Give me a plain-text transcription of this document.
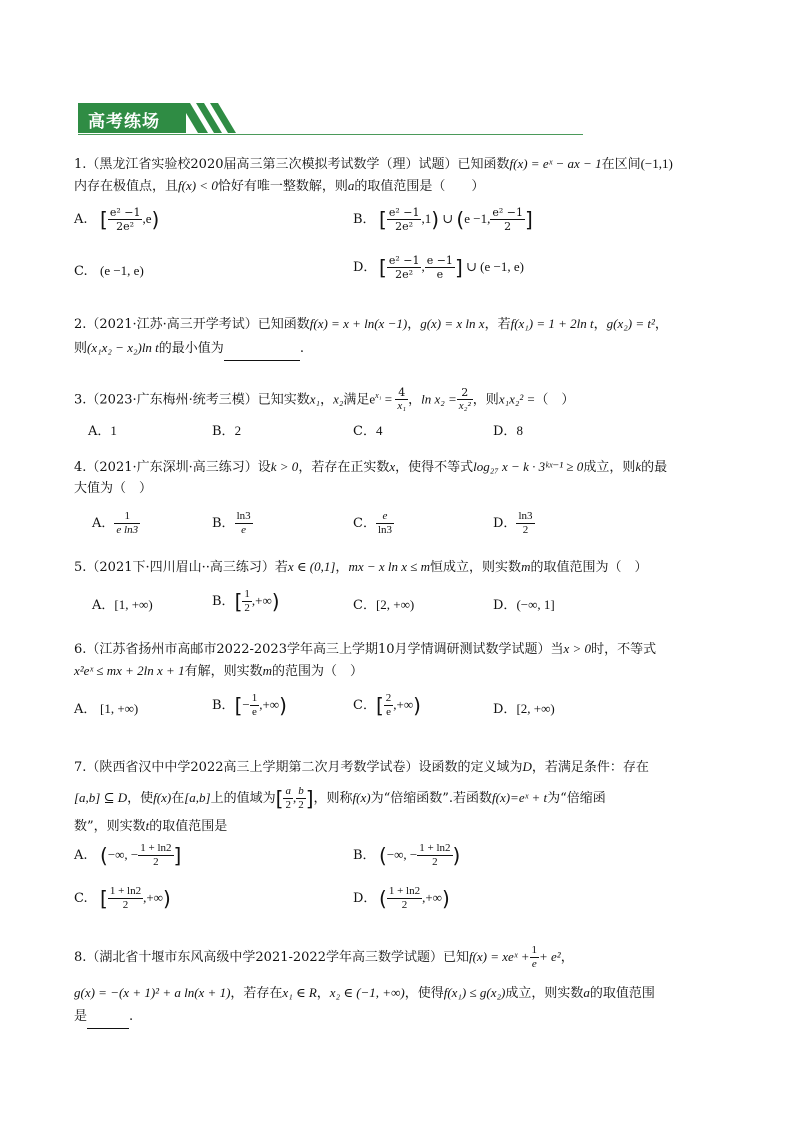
高考练场
1.（黑龙江省实验校2020届高三第三次模拟考试数学（理）试题）已知函数f(x) = eˣ − ax − 1在区间(−1,1)
内存在极值点，且f(x) < 0恰好有唯一整数解，则a的取值范围是（　　）
A. [ $\frac{\text{e² −1}}{\text{2e²}} ,e$)	B． [ $\frac{\text{e² −1}}{\text{2e²}} ,1$) ∪ (e −1, $\frac{\text{e² −1}}{2}$ ]
C. (e −1, e)	D． [ $\frac{\text{e² −1}}{\text{2e²}}$ , $\frac{e -1}{e}$ ] ∪ (e −1, e)
2.（2021·江苏·高三开学考试）已知函数f(x) = x + ln(x −1)，g(x) = x ln x，若f(x₁) = 1 + 2ln t，g(x₂) = t²，
则(x₁x₂ − x₂)ln t的最小值为	.
3.（2023·广东梅州·统考三模）已知实数x₁，x₂满足$e^{x_1} = \frac{4}{\text{x₁}}$ ，$\ln x_2 = \frac{2}{\text{x₂²}}$ ，则x₁x₂² =（　）
A．1	B．2	C．4	D．8
4.（2021·广东深圳·高三练习）设k > 0，若存在正实数x，使得不等式log₂₇ x − k · 3ᵏˣ⁻¹ ≥ 0成立，则k的最
大值为（　）
A． $\frac{1}{\text{e ln3}}$	B． $\frac{\ln 3}{e}$	C． $\frac{e}{\ln 3}$	D． $\frac{\ln 3}{2}$
5.（2021下·四川眉山··高三练习）若x ∈ (0,1]，mx − x ln x ≤ m恒成立，则实数m的取值范围为（　）
A．[1, +∞)	B．[ $\frac{1}{2}$ ,+∞)	C．[2, +∞)	D．(−∞, 1]
6.（江苏省扬州市高邮市2022-2023学年高三上学期10月学情调研测试数学试题）当x > 0时，不等式
x²eˣ ≤ mx + 2ln x + 1有解，则实数m的范围为（　）
A． [1, +∞)	B．[− $\frac{1}{e}$ ,+∞)	C．[ $\frac{2}{e}$ ,+∞)	D．[2, +∞)
7.（陕西省汉中中学2022高三上学期第二次月考数学试卷）设函数的定义域为D，若满足条件：存在
[a,b] ⊆ D，使f(x)在[a,b]上的值域为[ $\frac{a}{2}$ , $\frac{b}{2}$ ]，则称f(x)为“倍缩函数”.若函数f(x)=eˣ + t为“倍缩函
数”，则实数t的取值范围是
A. (−∞, − $\frac{1 + \ln 2}{2}$ ]	B． (−∞, − $\frac{1 + \ln 2}{2}$ )
C. [ $\frac{1 + \ln 2}{2}$ ,+∞)	D． ( $\frac{1 + \ln 2}{2}$ ,+∞)
8.（湖北省十堰市东风高级中学2021-2022学年高三数学试题）已知f(x) = xeˣ + $\frac{1}{e} + e^2$，
g(x) = −(x + 1)² + a ln(x + 1)，若存在x₁ ∈ R，x₂ ∈ (−1, +∞)，使得f(x₁) ≤ g(x₂)成立，则实数a的取值范围
是	.
